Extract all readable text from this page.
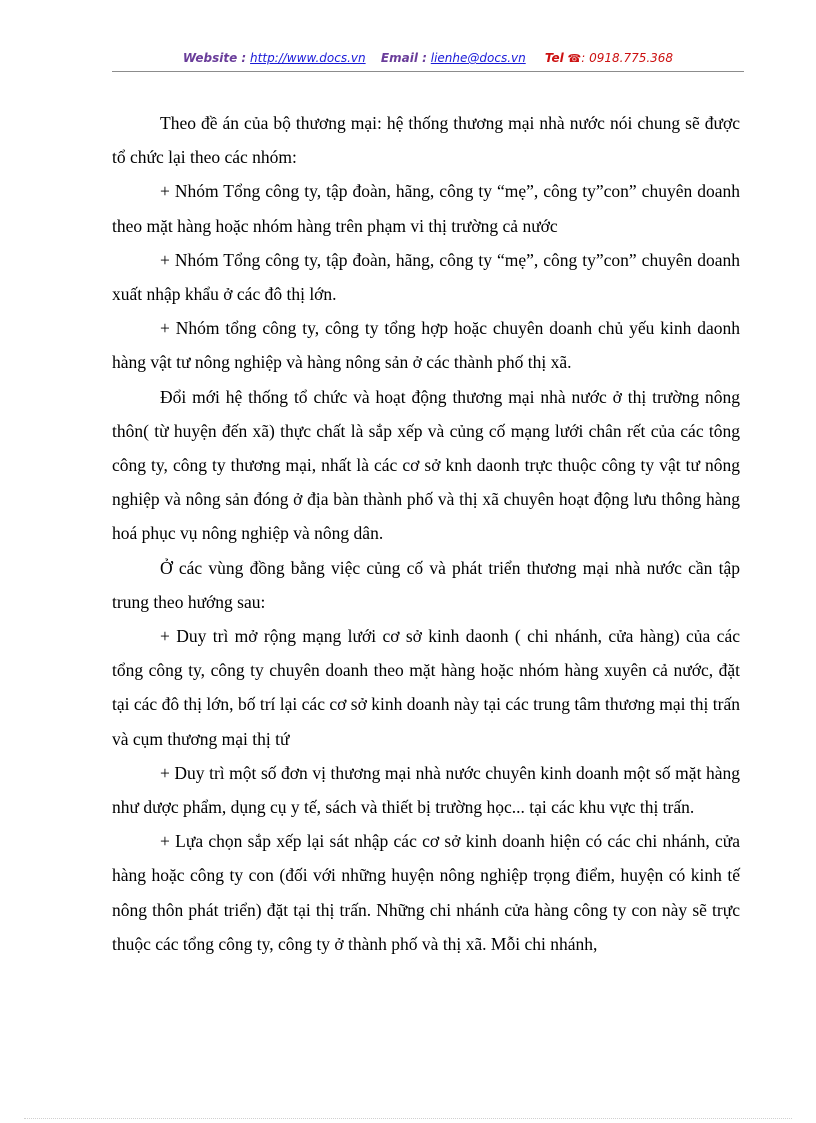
Website : http://www.docs.vn Email : lienhe@docs.vn Tel ☎: 0918.775.368

Theo đề án của bộ thương mại: hệ thống thương mại nhà nước nói chung sẽ được tổ chức lại theo các nhóm:

+ Nhóm Tổng công ty, tập đoàn, hãng, công ty “mẹ”, công ty”con” chuyên doanh theo mặt hàng hoặc nhóm hàng trên phạm vi thị trường cả nước

+ Nhóm Tổng công ty, tập đoàn, hãng, công ty “mẹ”, công ty”con” chuyên doanh xuất nhập khẩu ở các đô thị lớn.

+ Nhóm tổng công ty, công ty tổng hợp hoặc chuyên doanh chủ yếu kinh daonh hàng vật tư nông nghiệp và hàng nông sản ở các thành phố thị xã.

Đổi mới hệ thống tổ chức và hoạt động thương mại nhà nước ở thị trường nông thôn( từ huyện đến xã) thực chất là sắp xếp và củng cố mạng lưới chân rết của các tông công ty, công ty thương mại, nhất là các cơ sở knh daonh trực thuộc công ty vật tư nông nghiệp và nông sản đóng ở địa bàn thành phố và thị xã chuyên hoạt động lưu thông hàng hoá phục vụ nông nghiệp và nông dân.

Ở các vùng đồng bằng việc củng cố và phát triển thương mại nhà nước cần tập trung theo hướng sau:

+ Duy trì mở rộng mạng lưới cơ sở kinh daonh ( chi nhánh, cửa hàng) của các tổng công ty, công ty chuyên doanh theo mặt hàng hoặc nhóm hàng xuyên cả nước, đặt tại các đô thị lớn, bố trí lại các cơ sở kinh doanh này tại các trung tâm thương mại thị trấn và cụm thương mại thị tứ

+ Duy trì một số đơn vị thương mại nhà nước chuyên kinh doanh một số mặt hàng như dược phẩm, dụng cụ y tế, sách và thiết bị trường học... tại các khu vực thị trấn.

+ Lựa chọn sắp xếp lại sát nhập các cơ sở kinh doanh hiện có các chi nhánh, cửa hàng hoặc công ty con (đối với những huyện nông nghiệp trọng điểm, huyện có kinh tế nông thôn phát triển) đặt tại thị trấn. Những chi nhánh cửa hàng công ty con này sẽ trực thuộc các tổng công ty, công ty ở thành phố và thị xã. Mỗi chi nhánh,
